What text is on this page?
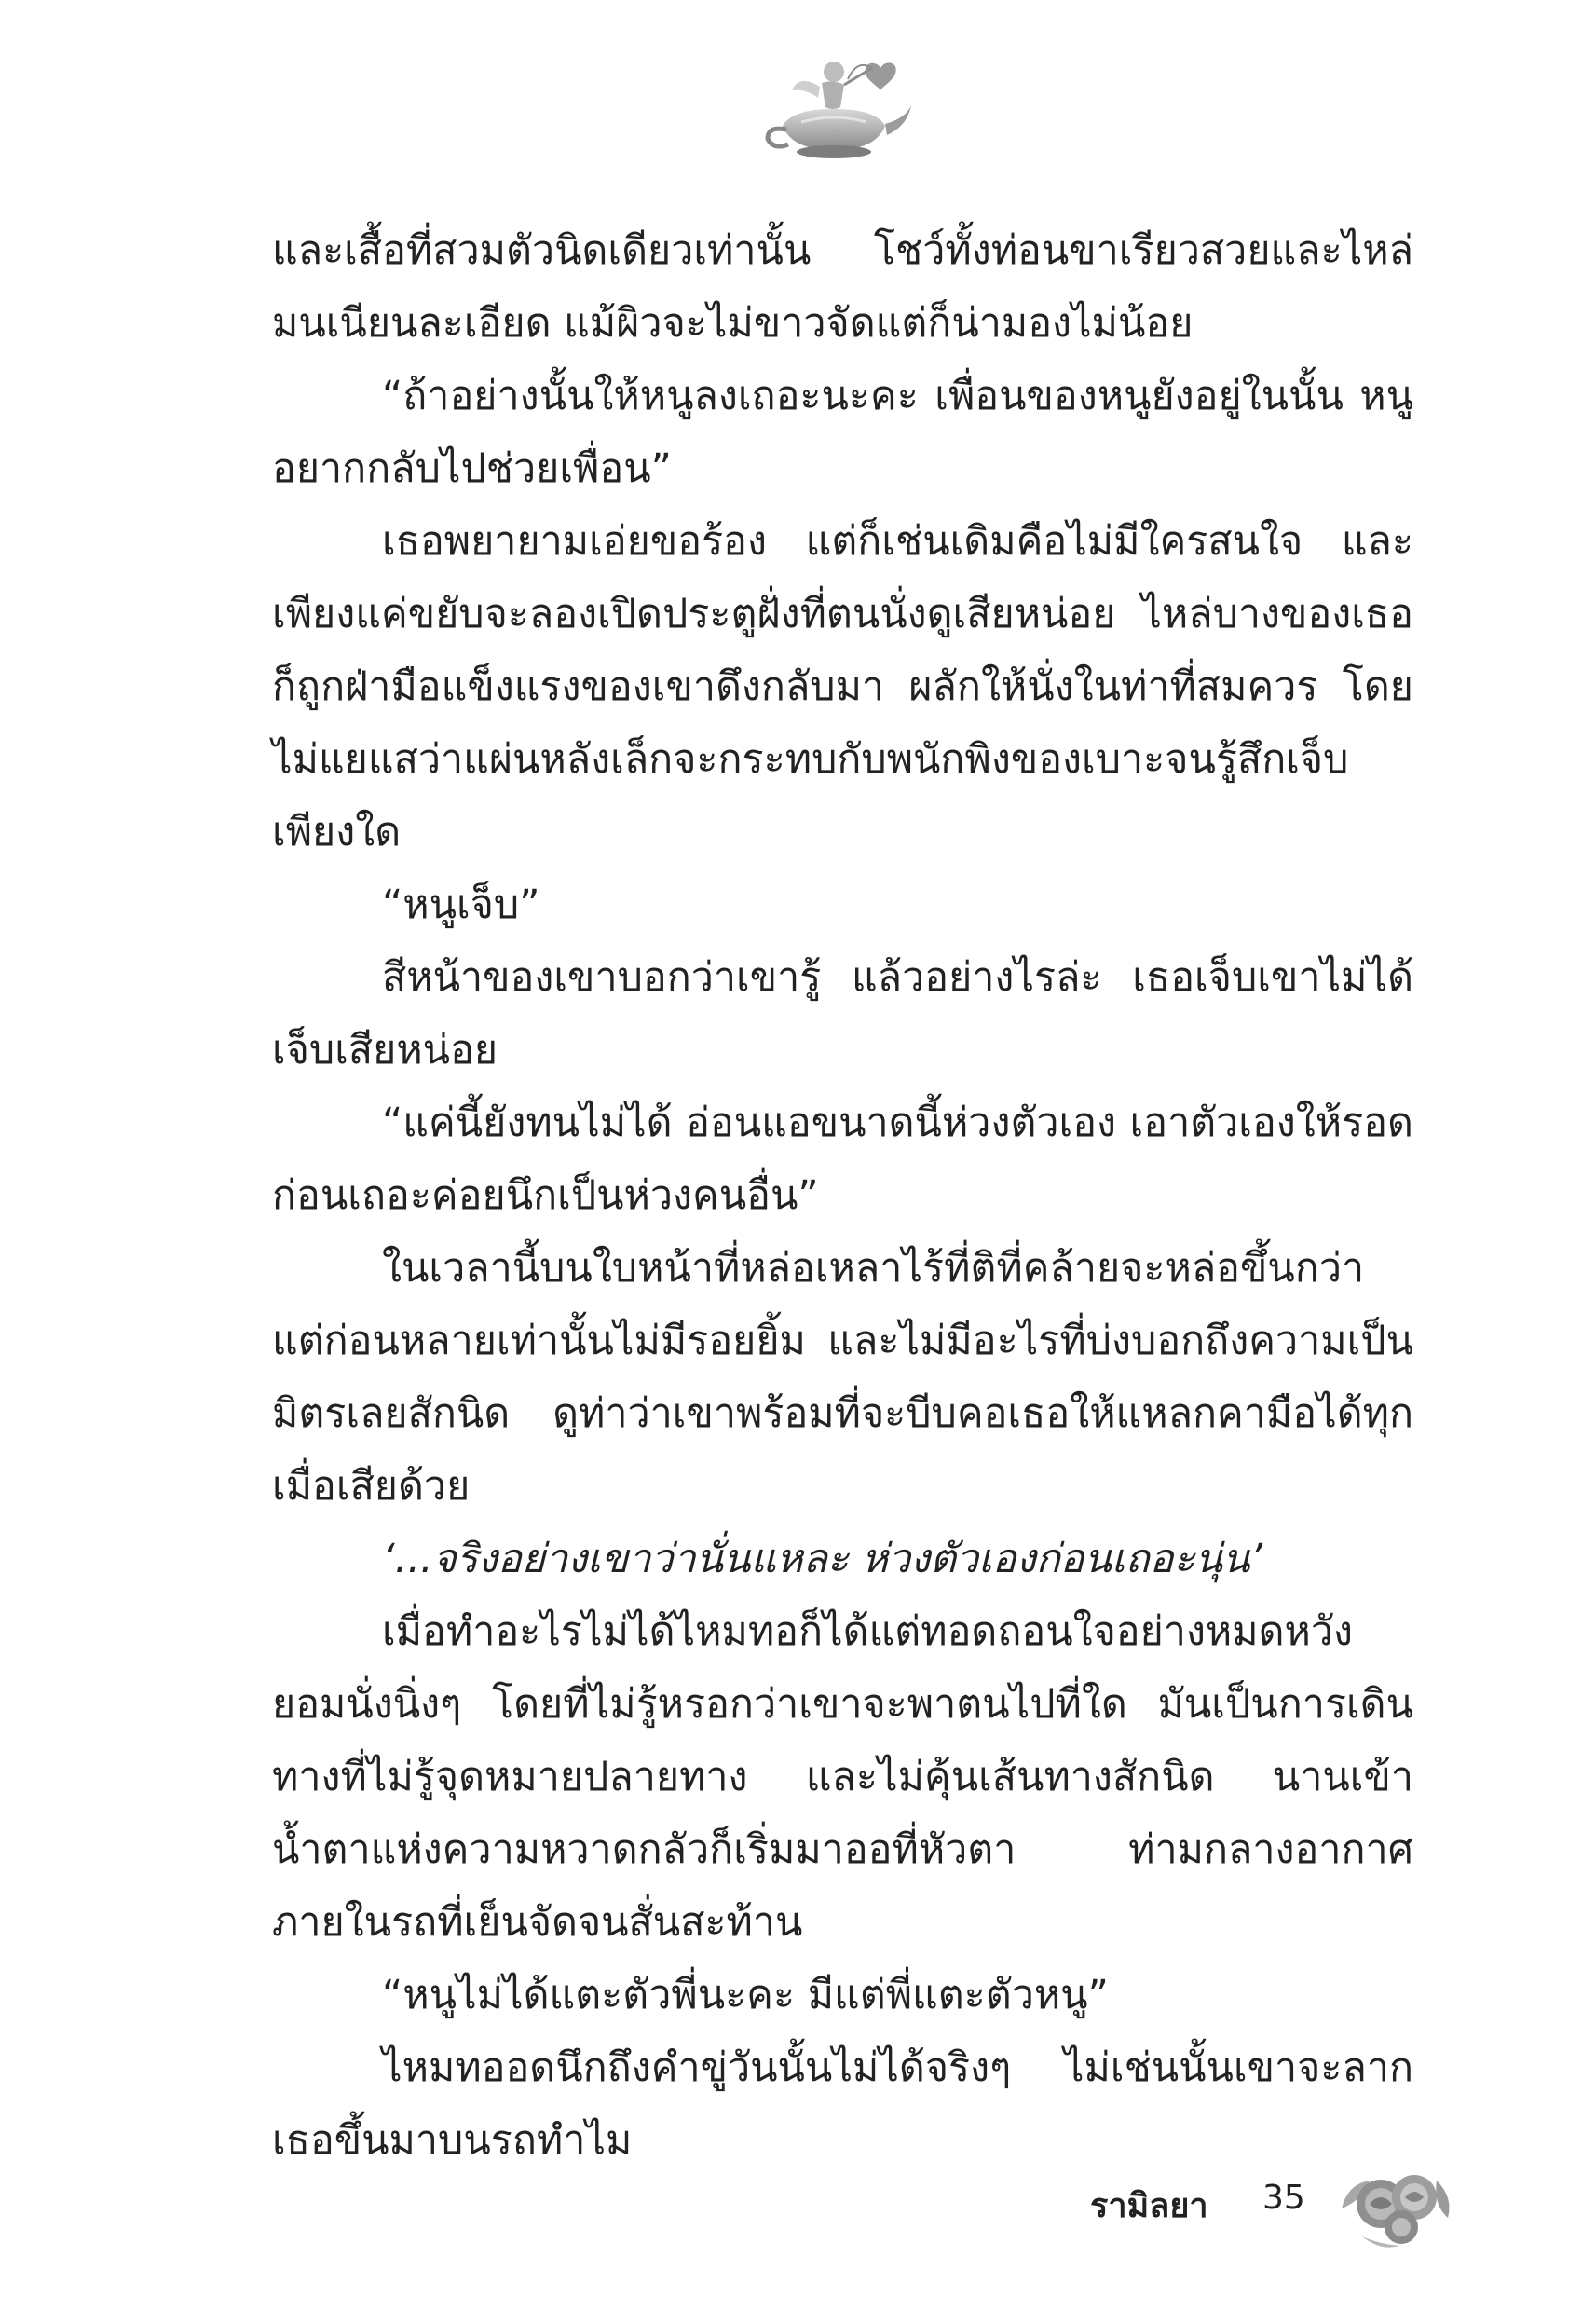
และเสื้อที่สวมตัวนิดเดียวเท่านั้น โชว์ทั้งท่อนขาเรียวสวยและไหล่มนเนียนละเอียด แม้ผิวจะไม่ขาวจัดแต่ก็น่ามองไม่น้อย

“ถ้าอย่างนั้นให้หนูลงเถอะนะคะ เพื่อนของหนูยังอยู่ในนั้น หนูอยากกลับไปช่วยเพื่อน”

เธอพยายามเอ่ยขอร้อง แต่ก็เช่นเดิมคือไม่มีใครสนใจ และเพียงแค่ขยับจะลองเปิดประตูฝั่งที่ตนนั่งดูเสียหน่อย ไหล่บางของเธอก็ถูกฝ่ามือแข็งแรงของเขาดึงกลับมา ผลักให้นั่งในท่าที่สมควร โดยไม่แยแสว่าแผ่นหลังเล็กจะกระทบกับพนักพิงของเบาะจนรู้สึกเจ็บเพียงใด

“หนูเจ็บ”

สีหน้าของเขาบอกว่าเขารู้ แล้วอย่างไรล่ะ เธอเจ็บเขาไม่ได้เจ็บเสียหน่อย

“แค่นี้ยังทนไม่ได้ อ่อนแอขนาดนี้ห่วงตัวเอง เอาตัวเองให้รอดก่อนเถอะค่อยนึกเป็นห่วงคนอื่น”

ในเวลานี้บนใบหน้าที่หล่อเหลาไร้ที่ติที่คล้ายจะหล่อขึ้นกว่าแต่ก่อนหลายเท่านั้นไม่มีรอยยิ้ม และไม่มีอะไรที่บ่งบอกถึงความเป็นมิตรเลยสักนิด ดูท่าว่าเขาพร้อมที่จะบีบคอเธอให้แหลกคามือได้ทุกเมื่อเสียด้วย

‘...จริงอย่างเขาว่านั่นแหละ ห่วงตัวเองก่อนเถอะนุ่น’

เมื่อทำอะไรไม่ได้ไหมทอก็ได้แต่ทอดถอนใจอย่างหมดหวัง ยอมนั่งนิ่งๆ โดยที่ไม่รู้หรอกว่าเขาจะพาตนไปที่ใด มันเป็นการเดินทางที่ไม่รู้จุดหมายปลายทาง และไม่คุ้นเส้นทางสักนิด นานเข้าน้ำตาแห่งความหวาดกลัวก็เริ่มมาออที่หัวตา ท่ามกลางอากาศภายในรถที่เย็นจัดจนสั่นสะท้าน

“หนูไม่ได้แตะตัวพี่นะคะ มีแต่พี่แตะตัวหนู”

ไหมทออดนึกถึงคำขู่วันนั้นไม่ได้จริงๆ ไม่เช่นนั้นเขาจะลากเธอขึ้นมาบนรถทำไม

รามิลยา 35
